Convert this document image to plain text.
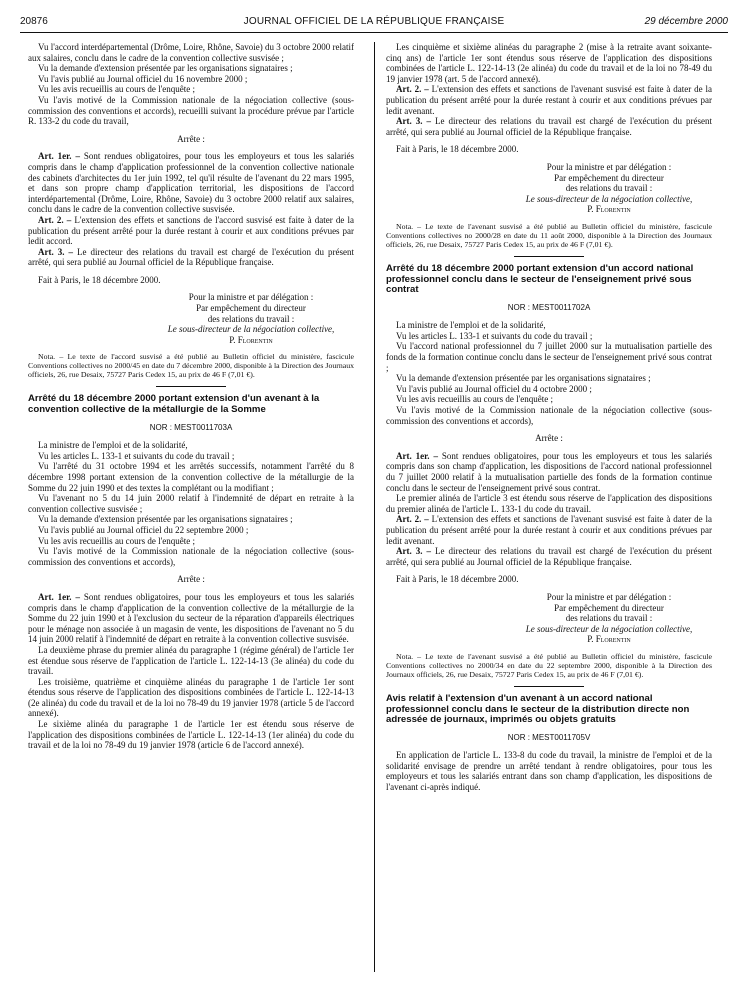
20876	JOURNAL OFFICIEL DE LA RÉPUBLIQUE FRANÇAISE	29 décembre 2000

Vu l'accord interdépartemental (Drôme, Loire, Rhône, Savoie) du 3 octobre 2000 relatif aux salaires, conclu dans le cadre de la convention collective susvisée ;

Vu la demande d'extension présentée par les organisations signataires ;

Vu l'avis publié au Journal officiel du 16 novembre 2000 ;

Vu les avis recueillis au cours de l'enquête ;

Vu l'avis motivé de la Commission nationale de la négociation collective (sous-commission des conventions et accords), recueilli suivant la procédure prévue par l'article R. 133-2 du code du travail,

Arrête :

Art. 1er. – Sont rendues obligatoires, pour tous les employeurs et tous les salariés compris dans le champ d'application professionnel de la convention collective nationale des cabinets d'architectes du 1er juin 1992, tel qu'il résulte de l'avenant du 22 mars 1995, et dans son propre champ d'application territorial, les dispositions de l'accord interdépartemental (Drôme, Loire, Rhône, Savoie) du 3 octobre 2000 relatif aux salaires, conclu dans le cadre de la convention collective susvisée.

Art. 2. – L'extension des effets et sanctions de l'accord susvisé est faite à dater de la publication du présent arrêté pour la durée restant à courir et aux conditions prévues par ledit accord.

Art. 3. – Le directeur des relations du travail est chargé de l'exécution du présent arrêté, qui sera publié au Journal officiel de la République française.

Fait à Paris, le 18 décembre 2000.

Pour la ministre et par délégation :

Par empêchement du directeur

des relations du travail :

Le sous-directeur de la négociation collective,

P. Florentin

Nota. – Le texte de l'accord susvisé a été publié au Bulletin officiel du ministère, fascicule Conventions collectives no 2000/45 en date du 7 décembre 2000, disponible à la Direction des Journaux officiels, 26, rue Desaix, 75727 Paris Cedex 15, au prix de 46 F (7,01 €).

Arrêté du 18 décembre 2000 portant extension d'un avenant à la convention collective de la métallurgie de la Somme

NOR : MEST0011703A

La ministre de l'emploi et de la solidarité,

Vu les articles L. 133-1 et suivants du code du travail ;

Vu l'arrêté du 31 octobre 1994 et les arrêtés successifs, notamment l'arrêté du 8 décembre 1998 portant extension de la convention collective de la métallurgie de la Somme du 22 juin 1990 et des textes la complétant ou la modifiant ;

Vu l'avenant no 5 du 14 juin 2000 relatif à l'indemnité de départ en retraite à la convention collective susvisée ;

Vu la demande d'extension présentée par les organisations signataires ;

Vu l'avis publié au Journal officiel du 22 septembre 2000 ;

Vu les avis recueillis au cours de l'enquête ;

Vu l'avis motivé de la Commission nationale de la négociation collective (sous-commission des conventions et accords),

Arrête :

Art. 1er. – Sont rendues obligatoires, pour tous les employeurs et tous les salariés compris dans le champ d'application de la convention collective de la métallurgie de la Somme du 22 juin 1990 et à l'exclusion du secteur de la réparation d'appareils électriques pour le ménage non associée à un magasin de vente, les dispositions de l'avenant no 5 du 14 juin 2000 relatif à l'indemnité de départ en retraite à la convention collective susvisée.

La deuxième phrase du premier alinéa du paragraphe 1 (régime général) de l'article 1er est étendue sous réserve de l'application de l'article L. 122-14-13 (3e alinéa) du code du travail.

Les troisième, quatrième et cinquième alinéas du paragraphe 1 de l'article 1er sont étendus sous réserve de l'application des dispositions combinées de l'article L. 122-14-13 (2e alinéa) du code du travail et de la loi no 78-49 du 19 janvier 1978 (article 5 de l'accord annexé).

Le sixième alinéa du paragraphe 1 de l'article 1er est étendu sous réserve de l'application des dispositions combinées de l'article L. 122-14-13 (1er alinéa) du code du travail et de la loi no 78-49 du 19 janvier 1978 (article 6 de l'accord annexé).

Les cinquième et sixième alinéas du paragraphe 2 (mise à la retraite avant soixante-cinq ans) de l'article 1er sont étendus sous réserve de l'application des dispositions combinées de l'article L. 122-14-13 (2e alinéa) du code du travail et de la loi no 78-49 du 19 janvier 1978 (art. 5 de l'accord annexé).

Art. 2. – L'extension des effets et sanctions de l'avenant susvisé est faite à dater de la publication du présent arrêté pour la durée restant à courir et aux conditions prévues par ledit avenant.

Art. 3. – Le directeur des relations du travail est chargé de l'exécution du présent arrêté, qui sera publié au Journal officiel de la République française.

Fait à Paris, le 18 décembre 2000.

Pour la ministre et par délégation :

Par empêchement du directeur

des relations du travail :

Le sous-directeur de la négociation collective,

P. Florentin

Nota. – Le texte de l'avenant susvisé a été publié au Bulletin officiel du ministère, fascicule Conventions collectives no 2000/28 en date du 11 août 2000, disponible à la Direction des Journaux officiels, 26, rue Desaix, 75727 Paris Cedex 15, au prix de 46 F (7,01 €).

Arrêté du 18 décembre 2000 portant extension d'un accord national professionnel conclu dans le secteur de l'enseignement privé sous contrat

NOR : MEST0011702A

La ministre de l'emploi et de la solidarité,

Vu les articles L. 133-1 et suivants du code du travail ;

Vu l'accord national professionnel du 7 juillet 2000 sur la mutualisation partielle des fonds de la formation continue conclu dans le secteur de l'enseignement privé sous contrat ;

Vu la demande d'extension présentée par les organisations signataires ;

Vu l'avis publié au Journal officiel du 4 octobre 2000 ;

Vu les avis recueillis au cours de l'enquête ;

Vu l'avis motivé de la Commission nationale de la négociation collective (sous-commission des conventions et accords),

Arrête :

Art. 1er. – Sont rendues obligatoires, pour tous les employeurs et tous les salariés compris dans son champ d'application, les dispositions de l'accord national professionnel du 7 juillet 2000 relatif à la mutualisation partielle des fonds de la formation continue conclu dans le secteur de l'enseignement privé sous contrat.

Le premier alinéa de l'article 3 est étendu sous réserve de l'application des dispositions du premier alinéa de l'article L. 133-1 du code du travail.

Art. 2. – L'extension des effets et sanctions de l'avenant susvisé est faite à dater de la publication du présent arrêté pour la durée restant à courir et aux conditions prévues par ledit avenant.

Art. 3. – Le directeur des relations du travail est chargé de l'exécution du présent arrêté, qui sera publié au Journal officiel de la République française.

Fait à Paris, le 18 décembre 2000.

Pour la ministre et par délégation :

Par empêchement du directeur

des relations du travail :

Le sous-directeur de la négociation collective,

P. Florentin

Nota. – Le texte de l'avenant susvisé a été publié au Bulletin officiel du ministère, fascicule Conventions collectives no 2000/34 en date du 22 septembre 2000, disponible à la Direction des Journaux officiels, 26, rue Desaix, 75727 Paris Cedex 15, au prix de 46 F (7,01 €).

Avis relatif à l'extension d'un avenant à un accord national professionnel conclu dans le secteur de la distribution directe non adressée de journaux, imprimés ou objets gratuits

NOR : MEST0011705V

En application de l'article L. 133-8 du code du travail, la ministre de l'emploi et de la solidarité envisage de prendre un arrêté tendant à rendre obligatoires, pour tous les employeurs et tous les salariés entrant dans son champ d'application, les dispositions de l'avenant ci-après indiqué.
